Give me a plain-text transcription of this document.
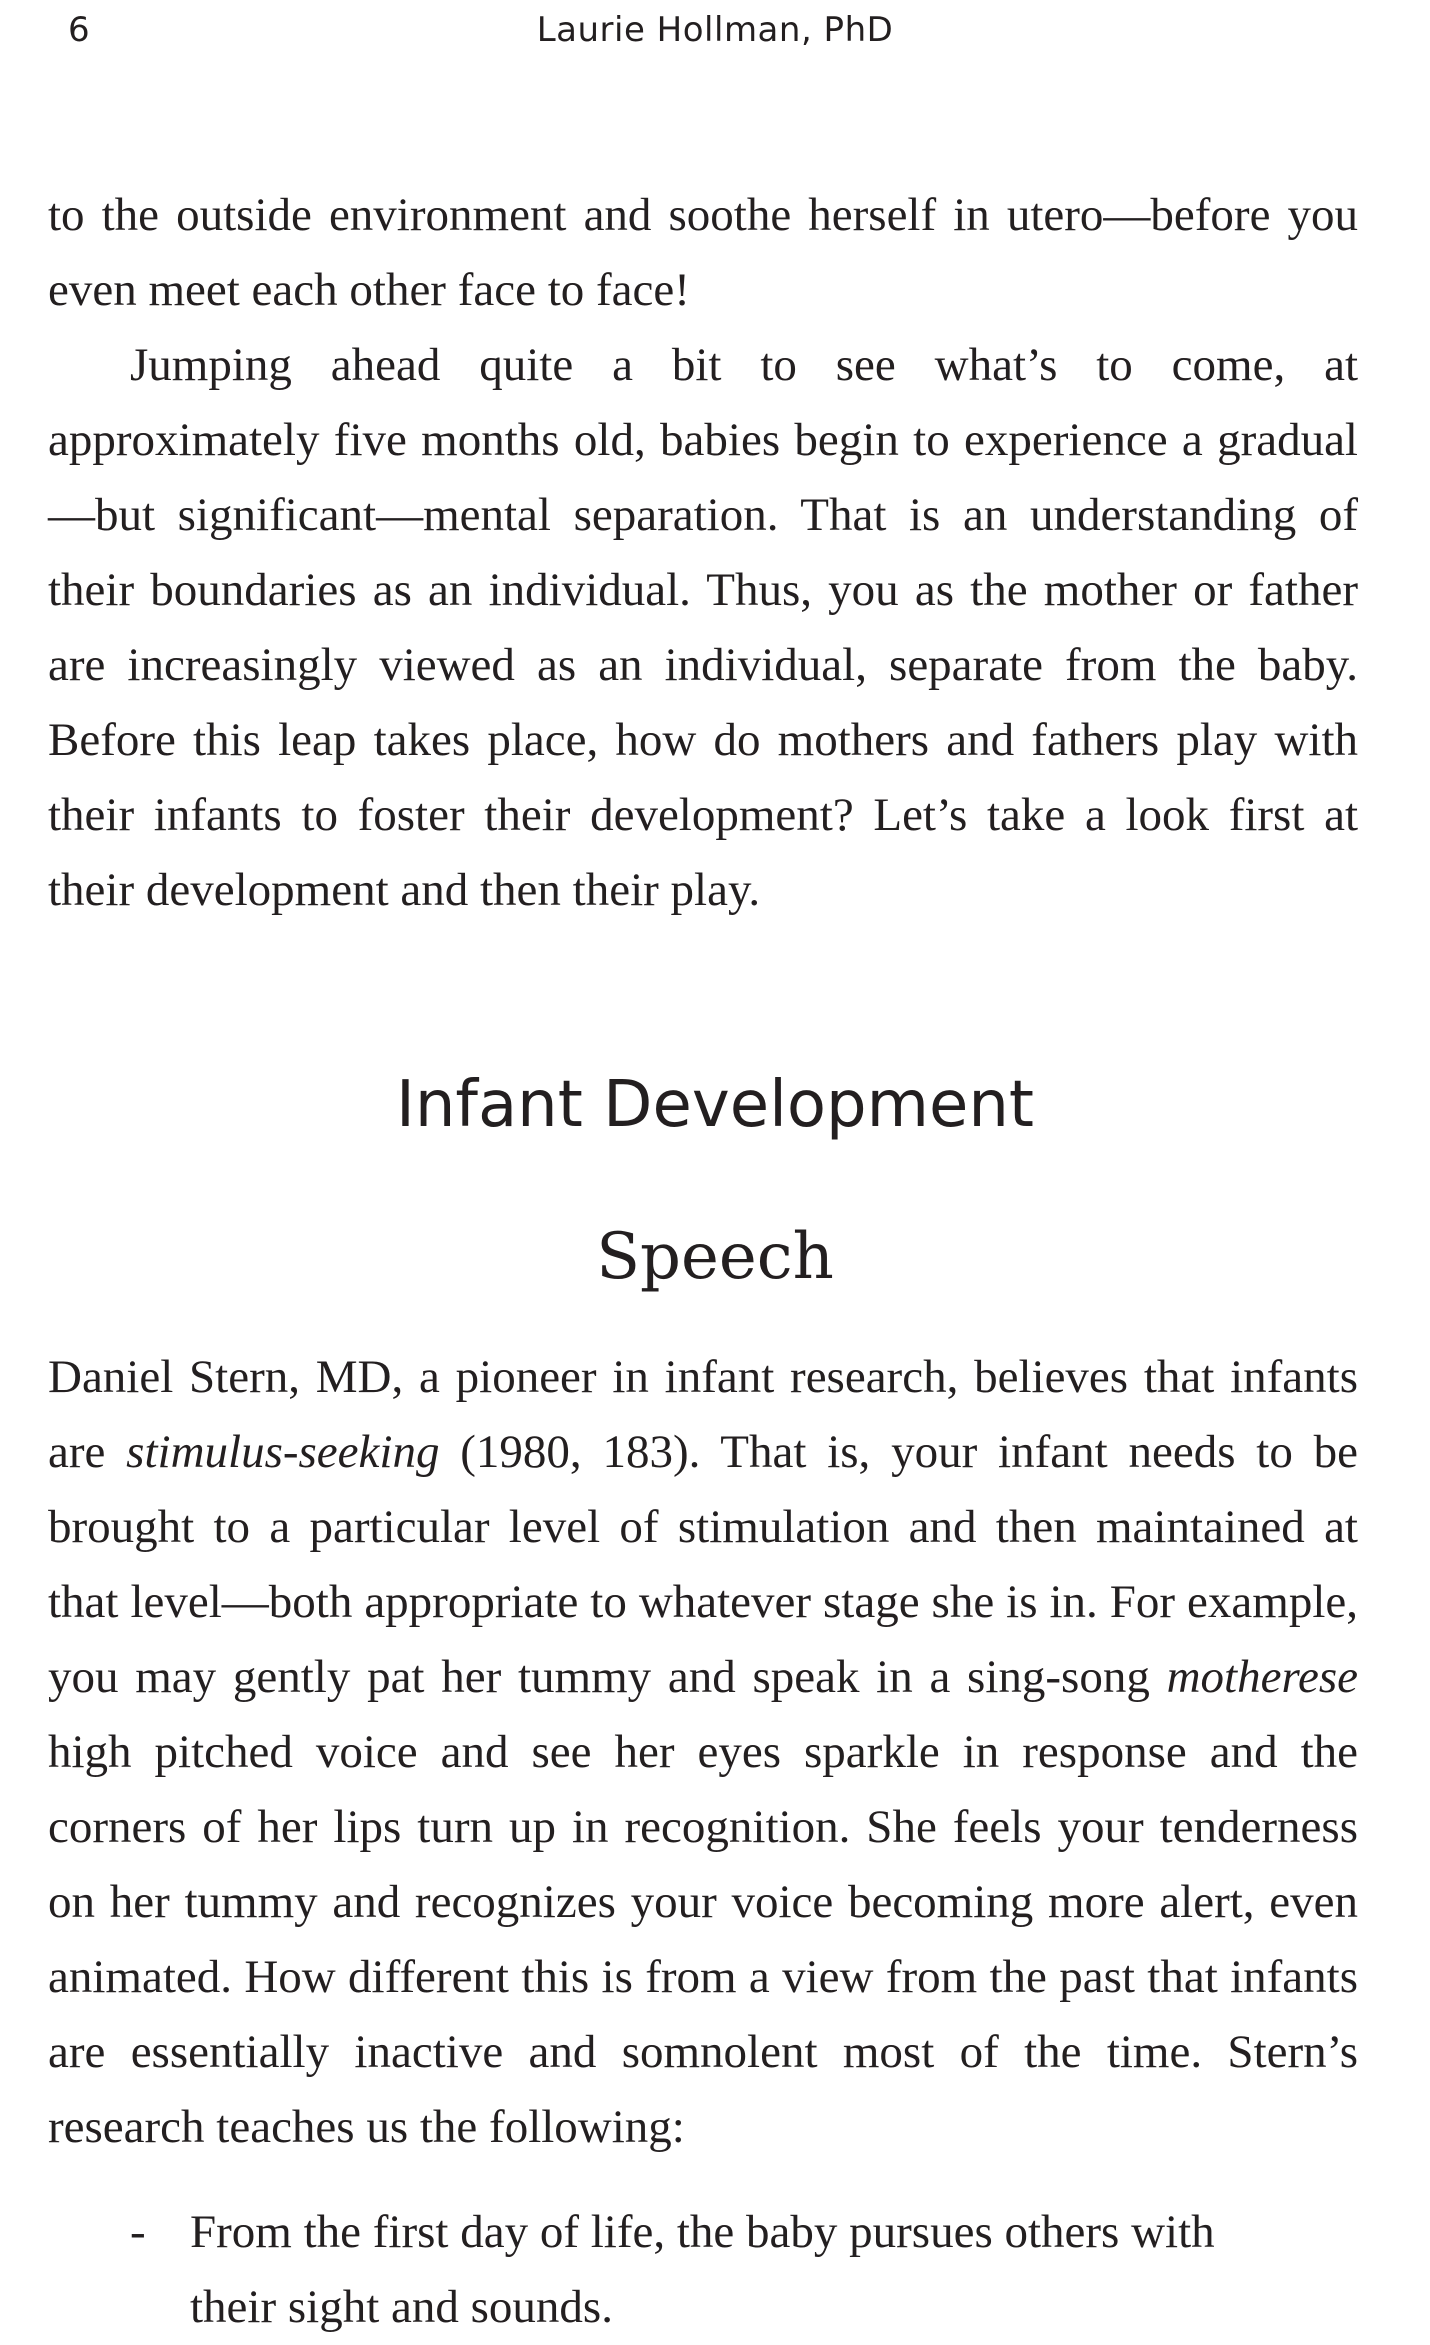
6	Laurie Hollman, PhD

to the outside environment and soothe herself in utero—before you even meet each other face to face!

Jumping ahead quite a bit to see what’s to come, at approximately five months old, babies begin to experience a gradual—but significant—mental separation. That is an understanding of their boundaries as an individual. Thus, you as the mother or father are increasingly viewed as an individual, separate from the baby. Before this leap takes place, how do mothers and fathers play with their infants to foster their development? Let’s take a look first at their development and then their play.

Infant Development
Speech

Daniel Stern, MD, a pioneer in infant research, believes that infants are stimulus-seeking (1980, 183). That is, your infant needs to be brought to a particular level of stimulation and then maintained at that level—both appropriate to whatever stage she is in. For example, you may gently pat her tummy and speak in a sing-song motherese high pitched voice and see her eyes sparkle in response and the corners of her lips turn up in recognition. She feels your tenderness on her tummy and recognizes your voice becoming more alert, even animated. How different this is from a view from the past that infants are essentially inactive and somnolent most of the time. Stern’s research teaches us the following:

- From the first day of life, the baby pursues others with their sight and sounds.
